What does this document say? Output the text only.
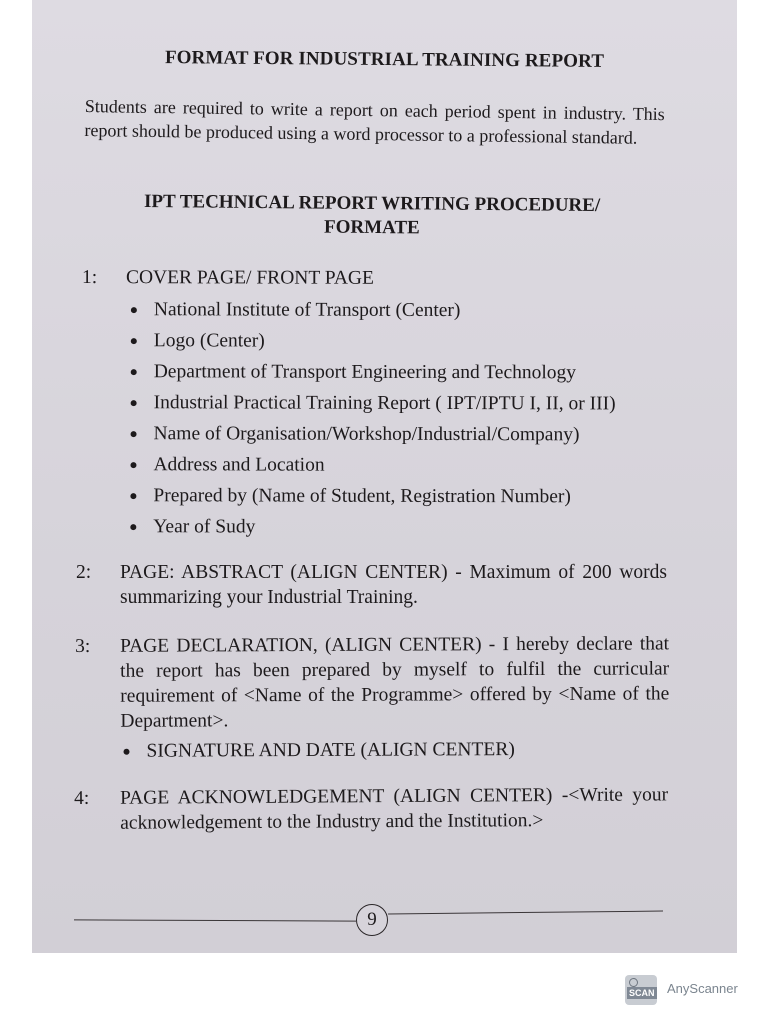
FORMAT FOR INDUSTRIAL TRAINING REPORT
Students are required to write a report on each period spent in industry. This report should be produced using a word processor to a professional standard.
IPT TECHNICAL REPORT WRITING PROCEDURE/
FORMATE
1:	COVER PAGE/ FRONT PAGE
National Institute of Transport (Center)
Logo (Center)
Department of Transport Engineering and Technology
Industrial Practical Training Report ( IPT/IPTU I, II, or III)
Name of Organisation/Workshop/Industrial/Company)
Address and Location
Prepared by (Name of Student, Registration Number)
Year of Sudy
2:	PAGE: ABSTRACT (ALIGN CENTER) - Maximum of 200 words summarizing your Industrial Training.
3:	PAGE DECLARATION, (ALIGN CENTER) - I hereby declare that the report has been prepared by myself to fulfil the curricular requirement of <Name of the Programme> offered by <Name of the Department>.
SIGNATURE AND DATE (ALIGN CENTER)
4:	PAGE ACKNOWLEDGEMENT (ALIGN CENTER) -<Write your acknowledgement to the Industry and the Institution.>
9
SCAN AnyScanner
